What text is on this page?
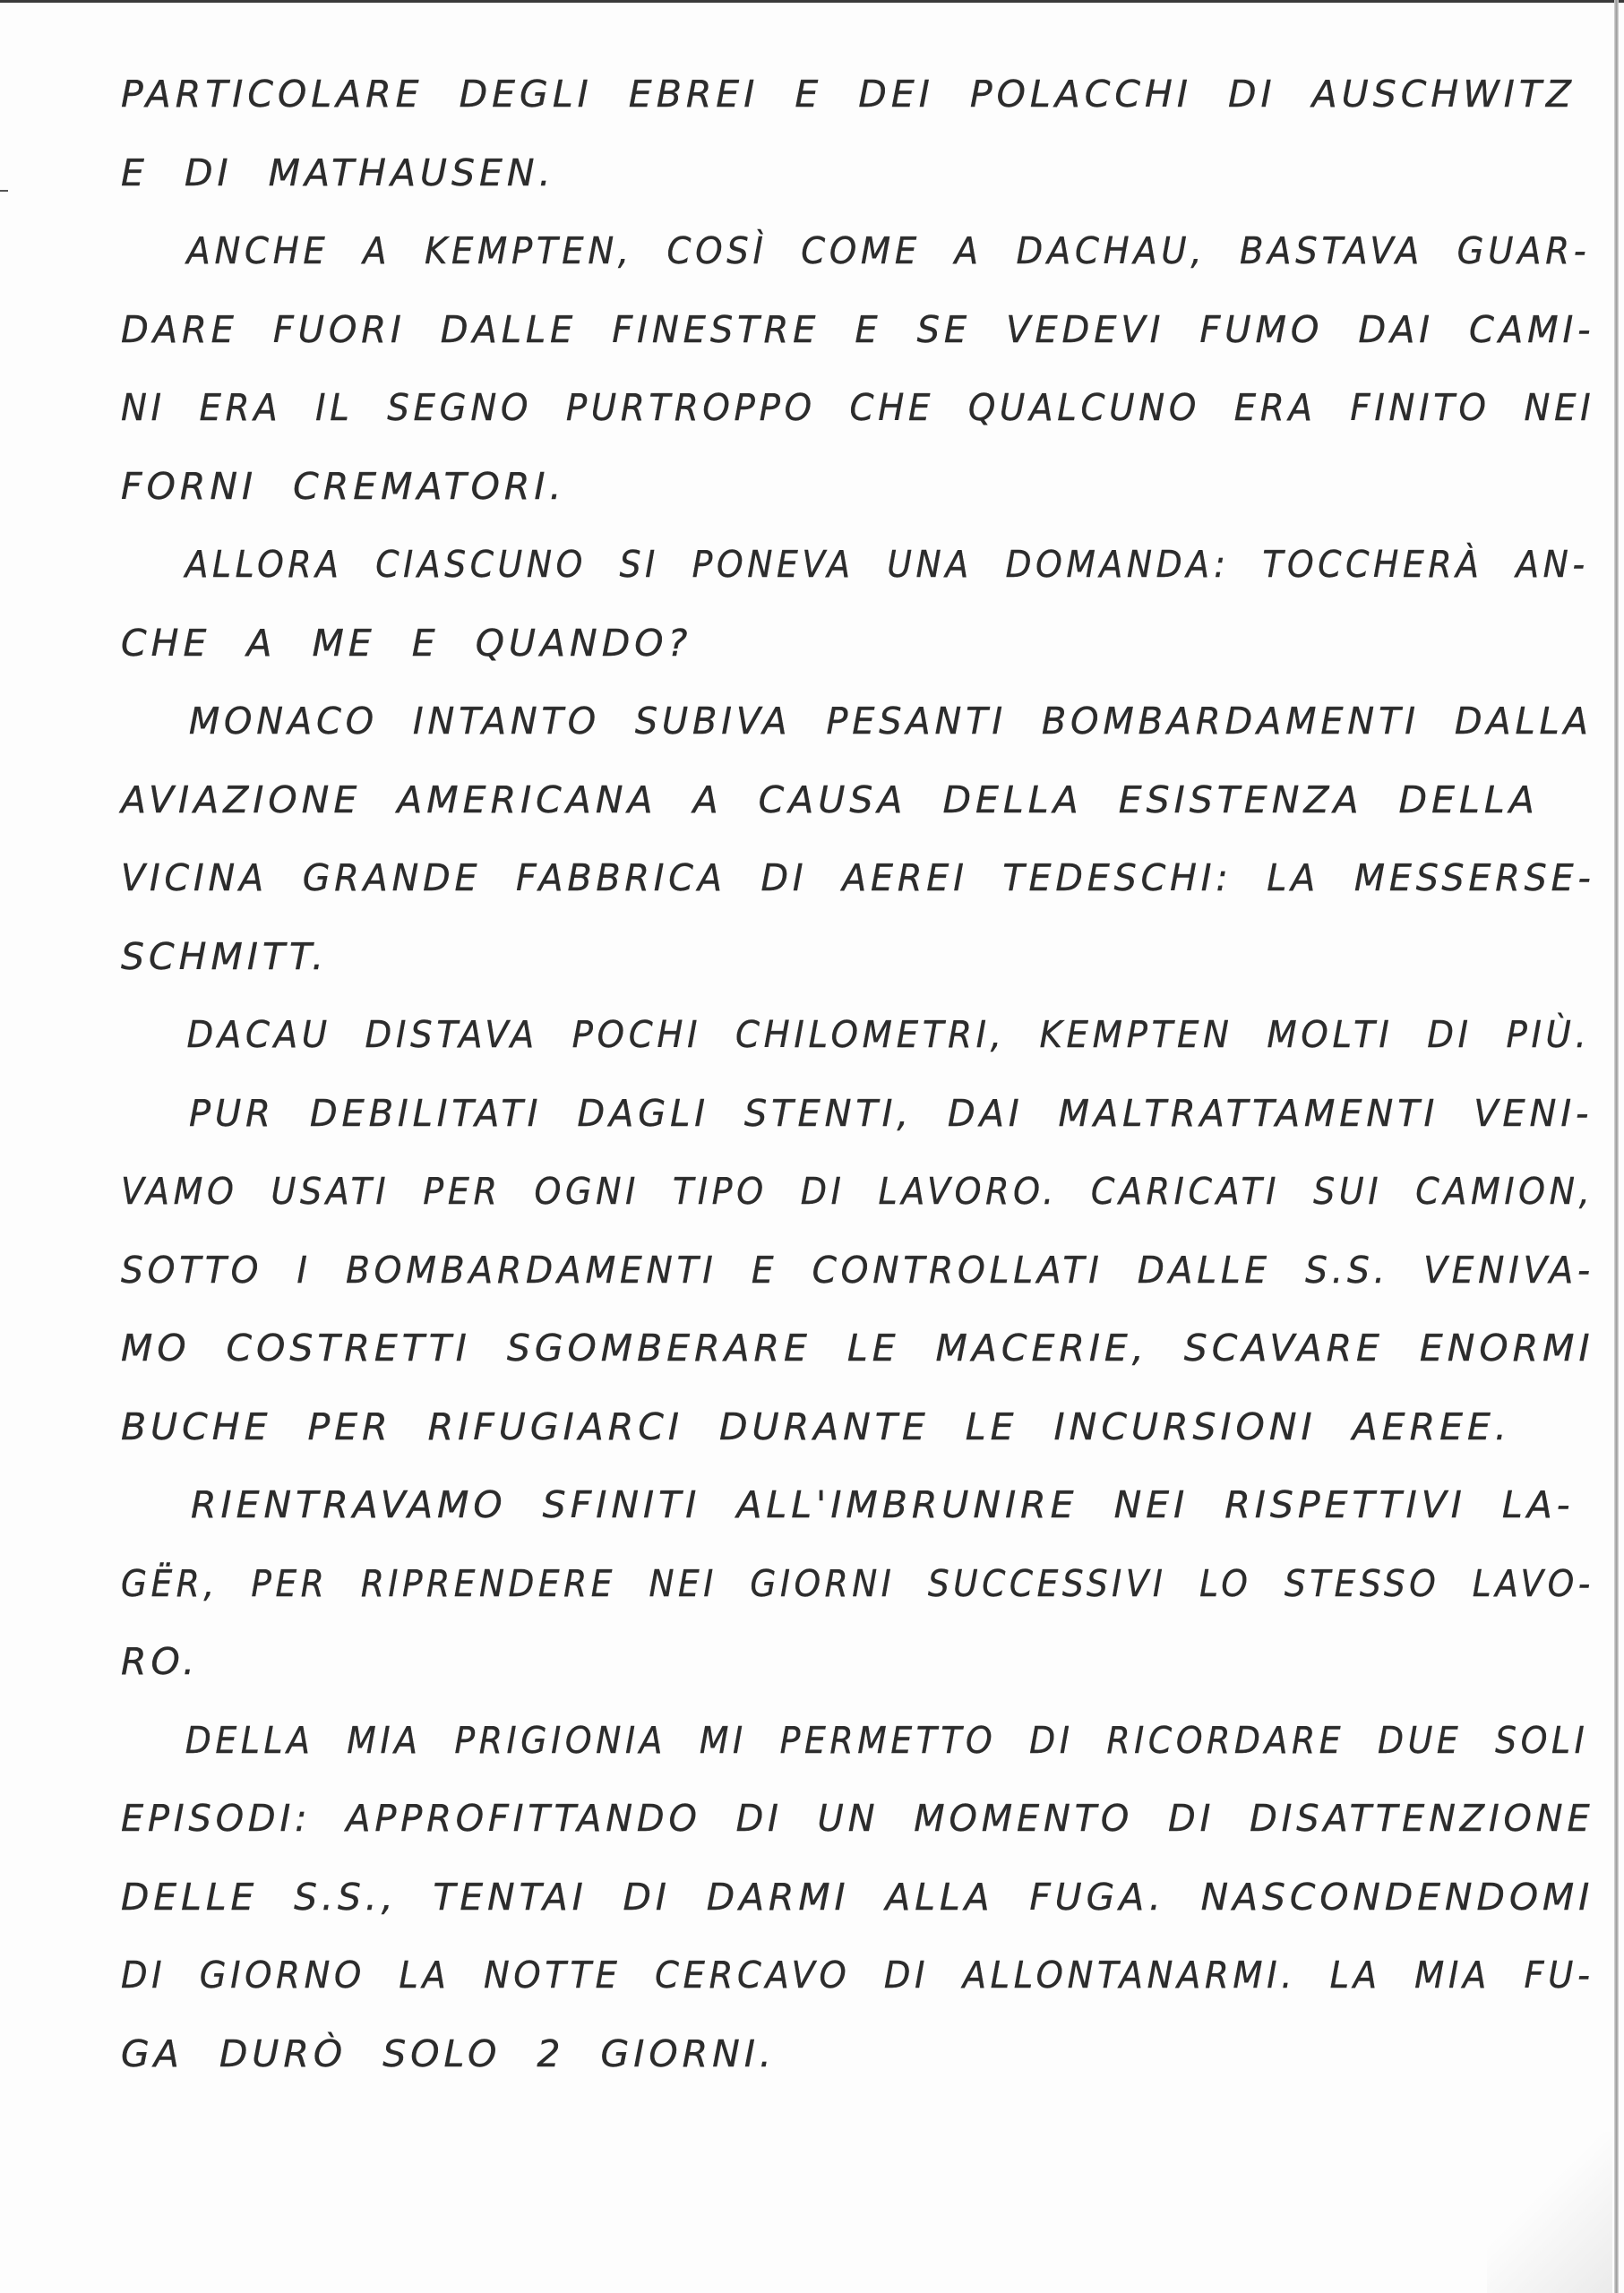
PARTICOLARE DEGLI EBREI E DEI POLACCHI DI AUSCHWITZ
E DI MATHAUSEN.
ANCHE A KEMPTEN, COSÌ COME A DACHAU, BASTAVA GUAR-
DARE FUORI DALLE FINESTRE E SE VEDEVI FUMO DAI CAMI-
NI ERA IL SEGNO PURTROPPO CHE QUALCUNO ERA FINITO NEI
FORNI CREMATORI.
ALLORA CIASCUNO SI PONEVA UNA DOMANDA: TOCCHERÀ AN-
CHE A ME E QUANDO?
MONACO INTANTO SUBIVA PESANTI BOMBARDAMENTI DALLA
AVIAZIONE AMERICANA A CAUSA DELLA ESISTENZA DELLA
VICINA GRANDE FABBRICA DI AEREI TEDESCHI: LA MESSERSE-
SCHMITT.
DACAU DISTAVA POCHI CHILOMETRI, KEMPTEN MOLTI DI PIÙ.
PUR DEBILITATI DAGLI STENTI, DAI MALTRATTAMENTI VENI-
VAMO USATI PER OGNI TIPO DI LAVORO. CARICATI SUI CAMION,
SOTTO I BOMBARDAMENTI E CONTROLLATI DALLE S.S. VENIVA-
MO COSTRETTI SGOMBERARE LE MACERIE, SCAVARE ENORMI
BUCHE PER RIFUGIARCI DURANTE LE INCURSIONI AEREE.
RIENTRAVAMO SFINITI ALL'IMBRUNIRE NEI RISPETTIVI LA-
GËR, PER RIPRENDERE NEI GIORNI SUCCESSIVI LO STESSO LAVO-
RO.
DELLA MIA PRIGIONIA MI PERMETTO DI RICORDARE DUE SOLI
EPISODI: APPROFITTANDO DI UN MOMENTO DI DISATTENZIONE
DELLE S.S., TENTAI DI DARMI ALLA FUGA. NASCONDENDOMI
DI GIORNO LA NOTTE CERCAVO DI ALLONTANARMI. LA MIA FU-
GA DURÒ SOLO 2 GIORNI.
